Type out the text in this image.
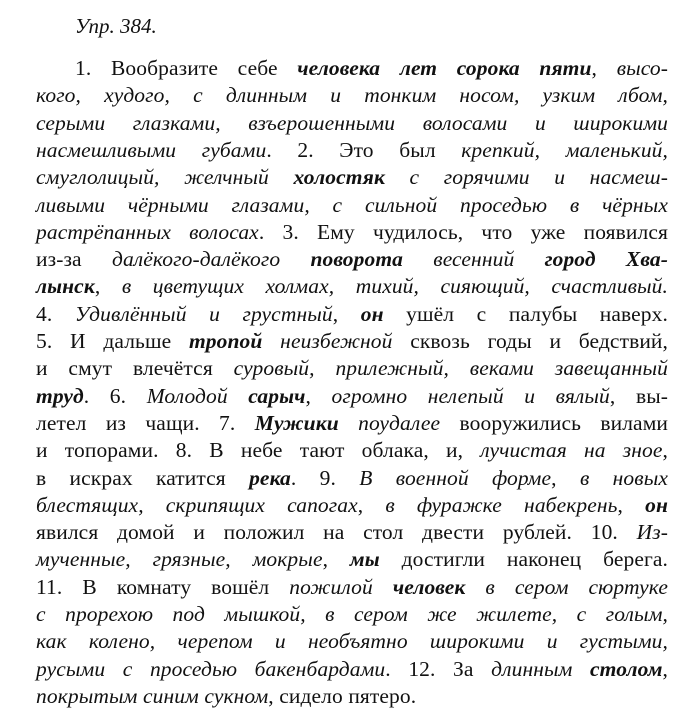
Упр. 384.
1. Вообразите себе человека лет сорока пяти, высо-
кого, худого, с длинным и тонким носом, узким лбом,
серыми глазками, взъерошенными волосами и широкими
насмешливыми губами. 2. Это был крепкий, маленький,
смуглолицый, желчный холостяк с горячими и насмеш-
ливыми чёрными глазами, с сильной проседью в чёрных
растрёпанных волосах. 3. Ему чудилось, что уже появился
из-за далёкого-далёкого поворота весенний город Хва-
лынск, в цветущих холмах, тихий, сияющий, счастливый.
4. Удивлённый и грустный, он ушёл с палубы наверх.
5. И дальше тропой неизбежной сквозь годы и бедствий,
и смут влечётся суровый, прилежный, веками завещанный
труд. 6. Молодой сарыч, огромно нелепый и вялый, вы-
летел из чащи. 7. Мужики поудалее вооружились вилами
и топорами. 8. В небе тают облака, и, лучистая на зное,
в искрах катится река. 9. В военной форме, в новых
блестящих, скрипящих сапогах, в фуражке набекрень, он
явился домой и положил на стол двести рублей. 10. Из-
мученные, грязные, мокрые, мы достигли наконец берега.
11. В комнату вошёл пожилой человек в сером сюртуке
с прорехою под мышкой, в сером же жилете, с голым,
как колено, черепом и необъятно широкими и густыми,
русыми с проседью бакенбардами. 12. За длинным столом,
покрытым синим сукном, сидело пятеро.
